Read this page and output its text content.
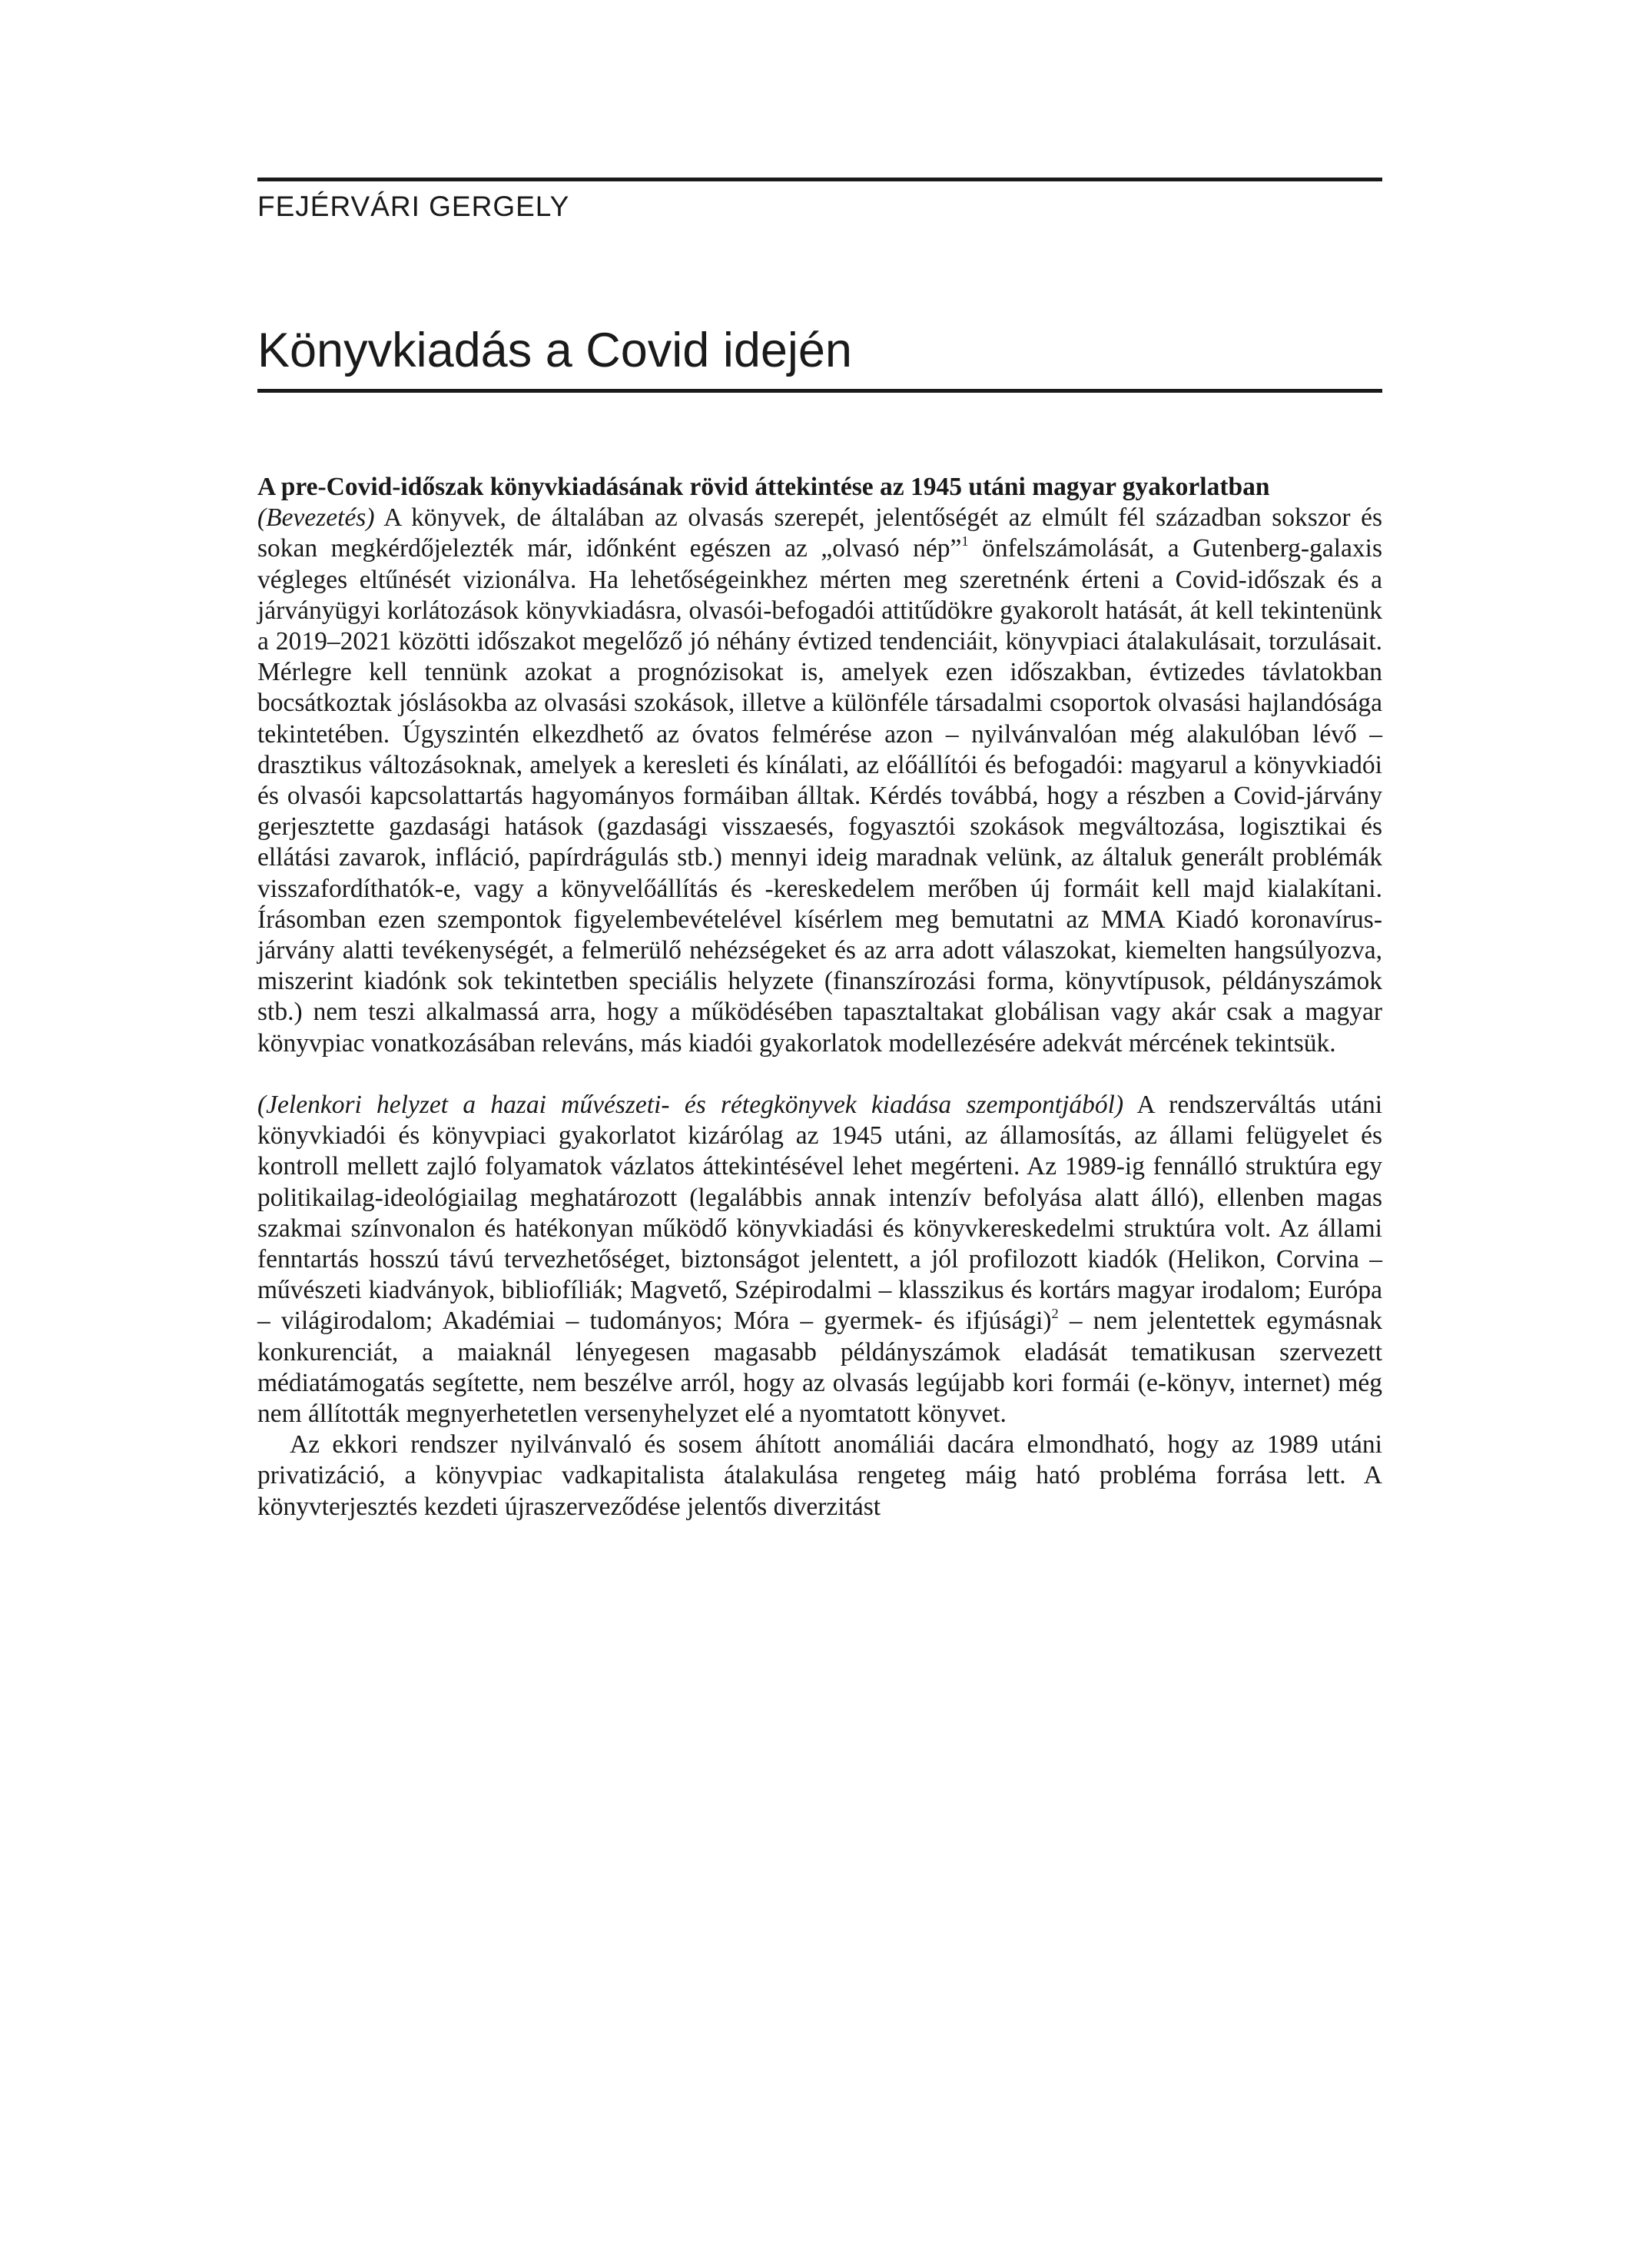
FEJÉRVÁRI GERGELY
Könyvkiadás a Covid idején
A pre-Covid-időszak könyvkiadásának rövid áttekintése az 1945 utáni magyar gyakorlatban

(Bevezetés) A könyvek, de általában az olvasás szerepét, jelentőségét az elmúlt fél században sokszor és sokan megkérdőjelezték már, időnként egészen az „olvasó nép”$^1$ önfelszámolását, a Gutenberg-galaxis végleges eltűnését vizionálva. Ha lehetőségeinkhez mérten meg szeretnénk érteni a Covid-időszak és a járványügyi korlátozások könyvkiadásra, olvasói-befogadói attitűdökre gyakorolt hatását, át kell tekintenünk a 2019–2021 közötti időszakot megelőző jó néhány évtized tendenciáit, könyvpiaci átalakulásait, torzulásait. Mérlegre kell tennünk azokat a prognózisokat is, amelyek ezen időszakban, évtizedes távlatokban bocsátkoztak jóslásokba az olvasási szokások, illetve a különféle társadalmi csoportok olvasási hajlandósága tekintetében. Úgyszintén elkezdhető az óvatos felmérése azon – nyilvánvalóan még alakulóban lévő – drasztikus változásoknak, amelyek a keresleti és kínálati, az előállítói és befogadói: magyarul a könyvkiadói és olvasói kapcsolattartás hagyományos formáiban álltak. Kérdés továbbá, hogy a részben a Covid-járvány gerjesztette gazdasági hatások (gazdasági visszaesés, fogyasztói szokások megváltozása, logisztikai és ellátási zavarok, infláció, papírdrágulás stb.) mennyi ideig maradnak velünk, az általuk generált problémák visszafordíthatók-e, vagy a könyvelőállítás és -kereskedelem merőben új formáit kell majd kialakítani. Írásomban ezen szempontok figyelembevételével kísérlem meg bemutatni az MMA Kiadó koronavírus-járvány alatti tevékenységét, a felmerülő nehézségeket és az arra adott válaszokat, kiemelten hangsúlyozva, miszerint kiadónk sok tekintetben speciális helyzete (finanszírozási forma, könyvtípusok, példányszámok stb.) nem teszi alkalmassá arra, hogy a működésében tapasztaltakat globálisan vagy akár csak a magyar könyvpiac vonatkozásában releváns, más kiadói gyakorlatok modellezésére adekvát mércének tekintsük.

(Jelenkori helyzet a hazai művészeti- és rétegkönyvek kiadása szempontjából) A rendszerváltás utáni könyvkiadói és könyvpiaci gyakorlatot kizárólag az 1945 utáni, az államosítás, az állami felügyelet és kontroll mellett zajló folyamatok vázlatos áttekintésével lehet megérteni. Az 1989-ig fennálló struktúra egy politikailag-ideológiailag meghatározott (legalábbis annak intenzív befolyása alatt álló), ellenben magas szakmai színvonalon és hatékonyan működő könyvkiadási és könyvkereskedelmi struktúra volt. Az állami fenntartás hosszú távú tervezhetőséget, biztonságot jelentett, a jól profilozott kiadók (Helikon, Corvina – művészeti kiadványok, bibliofíliák; Magvető, Szépirodalmi – klasszikus és kortárs magyar irodalom; Európa – világirodalom; Akadémiai – tudományos; Móra – gyermek- és ifjúsági)$^2$ – nem jelentettek egymásnak konkurenciát, a maiaknál lényegesen magasabb példányszámok eladását tematikusan szervezett médiatámogatás segítette, nem beszélve arról, hogy az olvasás legújabb kori formái (e-könyv, internet) még nem állították megnyerhetetlen versenyhelyzet elé a nyomtatott könyvet.

Az ekkori rendszer nyilvánvaló és sosem áhított anomáliái dacára elmondható, hogy az 1989 utáni privatizáció, a könyvpiac vadkapitalista átalakulása rengeteg máig ható probléma forrása lett. A könyvterjesztés kezdeti újraszerveződése jelentős diverzitást
